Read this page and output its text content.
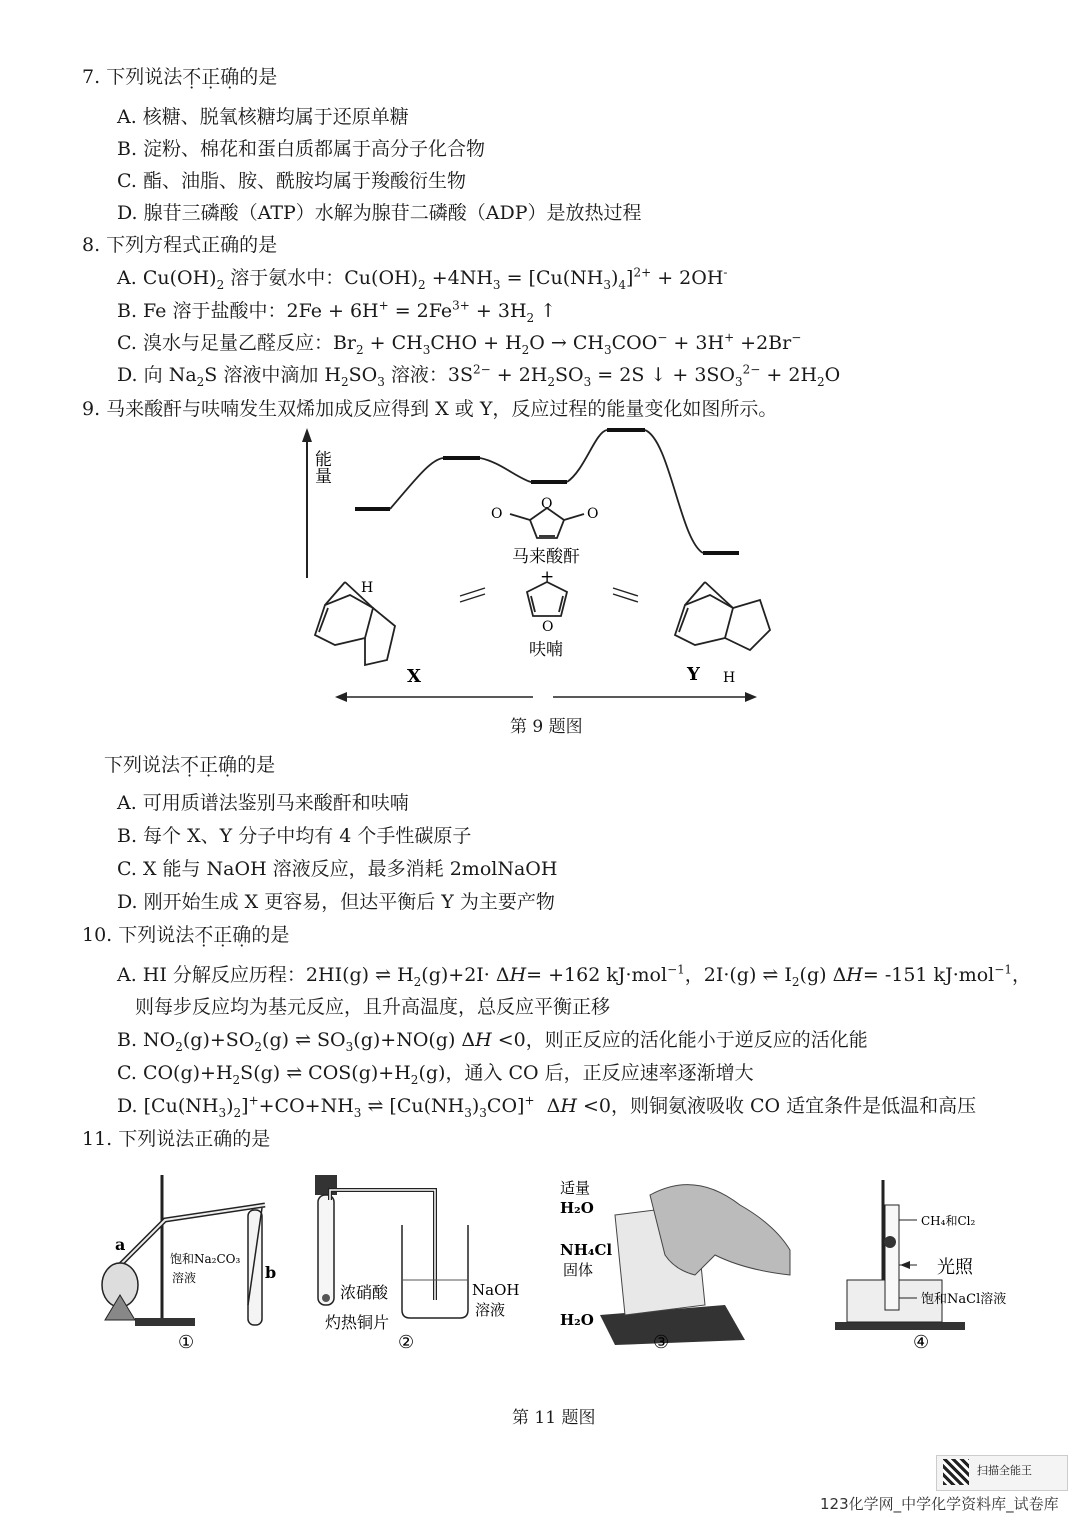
7. 下列说法不正确的是
A. 核糖、脱氧核糖均属于还原单糖
B. 淀粉、棉花和蛋白质都属于高分子化合物
C. 酯、油脂、胺、酰胺均属于羧酸衍生物
D. 腺苷三磷酸（ATP）水解为腺苷二磷酸（ADP）是放热过程
8. 下列方程式正确的是
A. $Cu(OH)_2$ 溶于氨水中：$Cu(OH)_2 +4NH_3 = [Cu(NH_3)_4]^{2+} + 2OH^-$
B. Fe 溶于盐酸中：$2Fe + 6H^+ = 2Fe^{3+} + 3H_2$ ↑
C. 溴水与足量乙醛反应：$Br_2 + CH_3CHO + H_2O \to CH_3COO^- + 3H^+ +2Br^-$
D. 向 $Na_2S$ 溶液中滴加 $H_2SO_3$ 溶液：$3S^{2-} + 2H_2SO_3 = 2S$ ↓ + $3SO_3^{2-} + 2H_2O$
9. 马来酸酐与呋喃发生双烯加成反应得到 X 或 Y，反应过程的能量变化如图所示。
能量
O
O	O
马来酸酐
+
O
呋喃
X
H
Y H
第 9 题图
下列说法不正确的是
A. 可用质谱法鉴别马来酸酐和呋喃
B. 每个 X、Y 分子中均有 4 个手性碳原子
C. X 能与 NaOH 溶液反应，最多消耗 2molNaOH
D. 刚开始生成 X 更容易，但达平衡后 Y 为主要产物
10. 下列说法不正确的是
A. HI 分解反应历程：2HI(g) ⇌ $H_2(g)+2I\cdot \Delta H= +162$ kJ·mol$^{-1}$，2I·(g) ⇌ $I_2(g)$ ΔH= -151 kJ·mol$^{-1}$，
则每步反应均为基元反应，且升高温度，总反应平衡正移
B. $NO_2(g)+SO_2(g)$ ⇌ $SO_3(g)+NO(g)$ ΔH <0，则正反应的活化能小于逆反应的活化能
C. $CO(g)+H_2S(g)$ ⇌ $COS(g)+H_2(g)$，通入 CO 后，正反应速率逐渐增大
D. $[Cu(NH_3)_2]^++CO+NH_3$ ⇌ $[Cu(NH_3)_3CO]^+$  ΔH <0，则铜氨液吸收 CO 适宜条件是低温和高压
11. 下列说法正确的是
a
b
饱和Na₂CO₃
溶液
①
浓硝酸
灼热铜片
NaOH
溶液
②
适量
H₂O
NH₄Cl
固体
H₂O
③
CH₄和Cl₂
光照
饱和NaCl溶液
④
第 11 题图
扫描全能王
123化学网_中学化学资料库_试卷库
